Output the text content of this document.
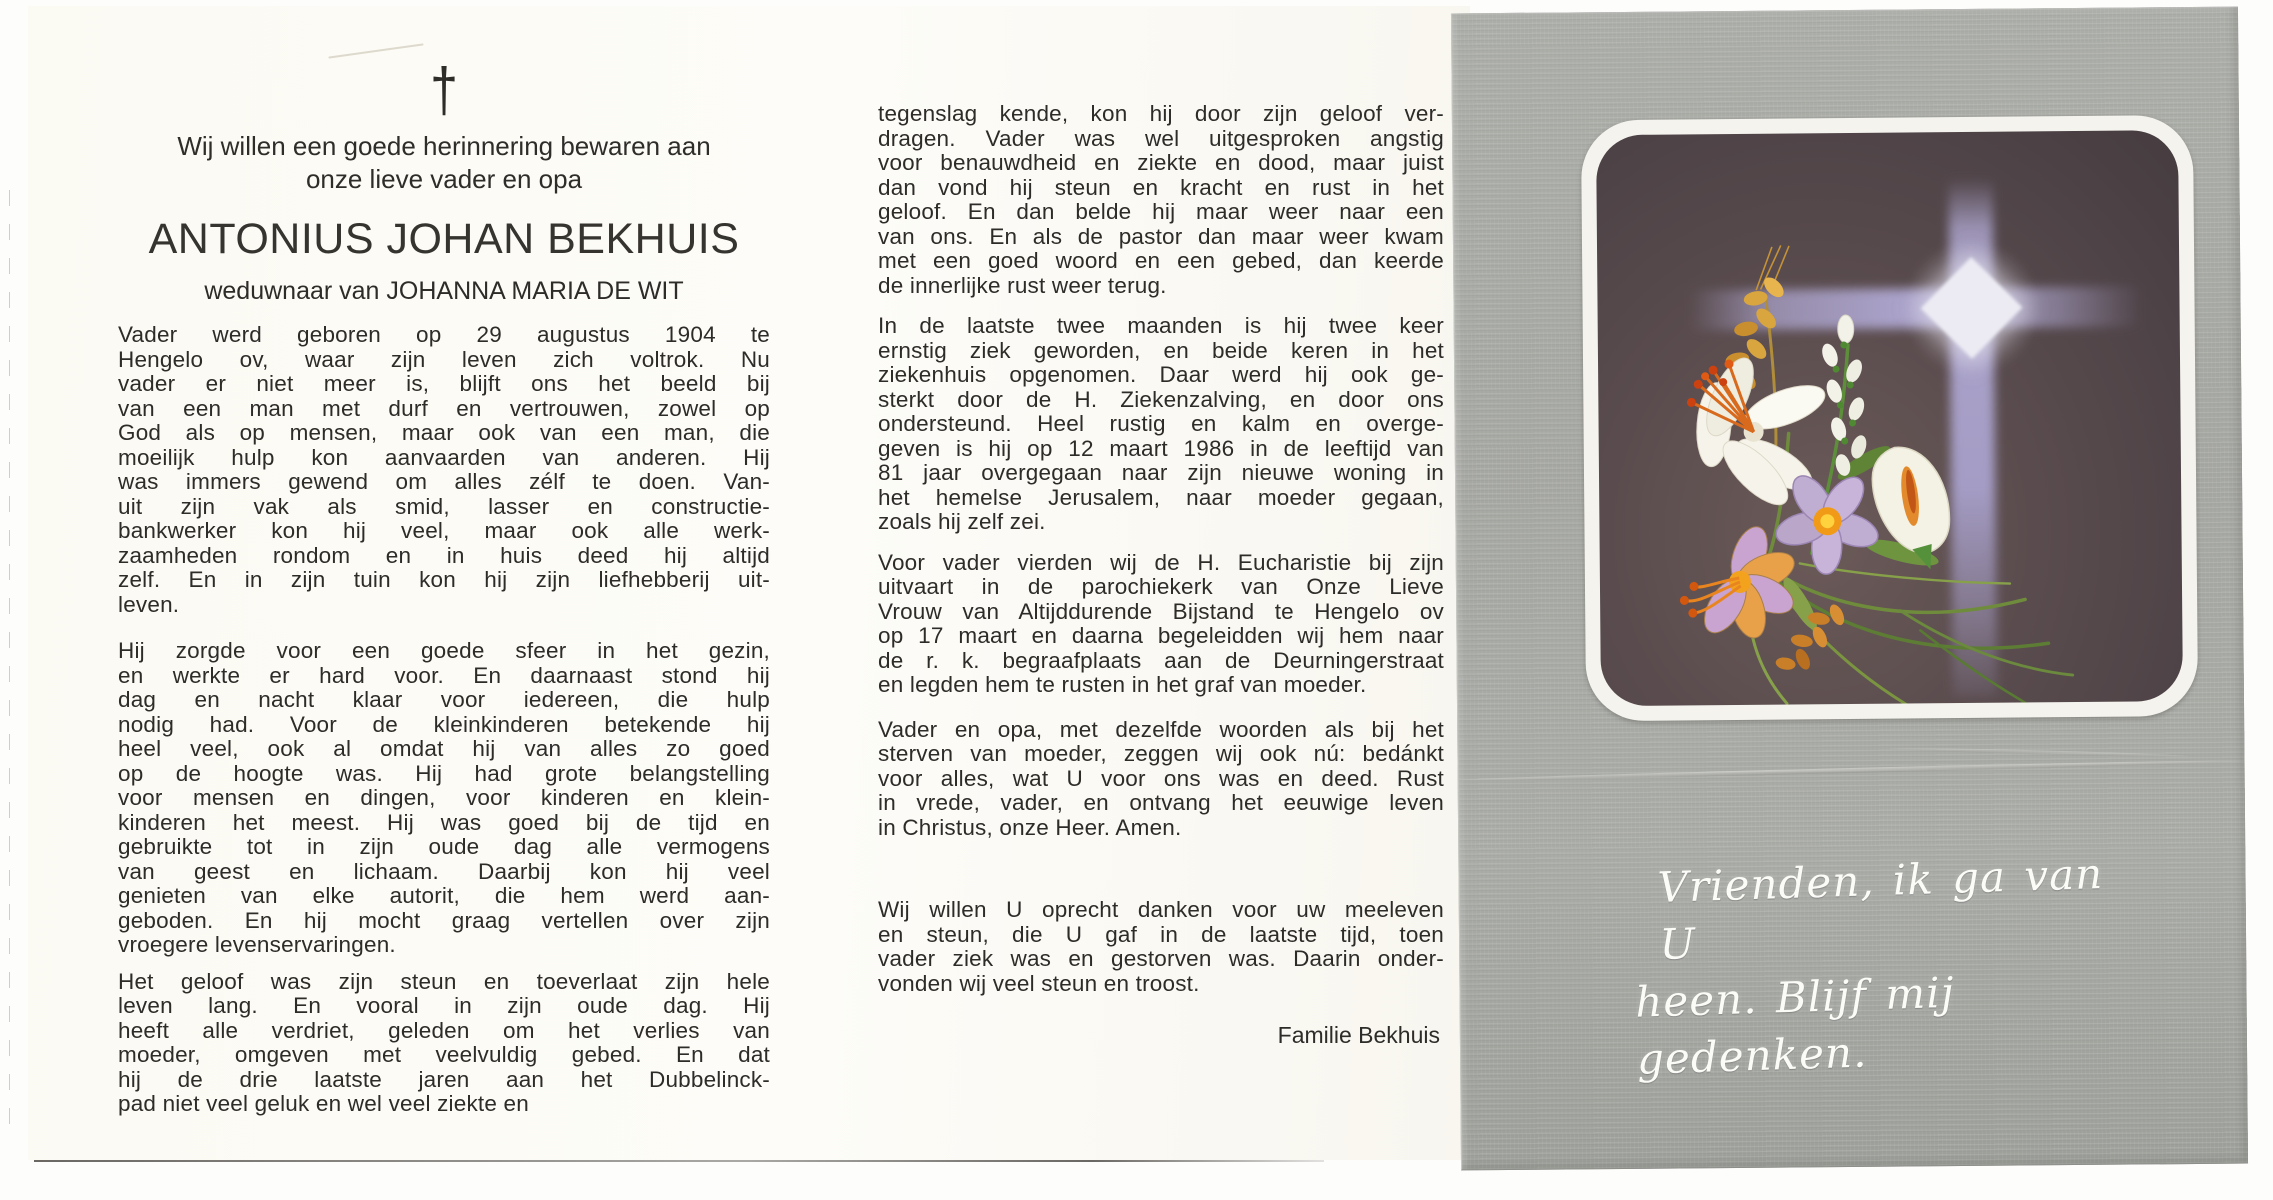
†
Wij willen een goede herinnering bewaren aan
onze lieve vader en opa
ANTONIUS JOHAN BEKHUIS
weduwnaar van JOHANNA MARIA DE WIT
Vader werd geboren op 29 augustus 1904 te
Hengelo ov, waar zijn leven zich voltrok. Nu
vader er niet meer is, blijft ons het beeld bij
van een man met durf en vertrouwen, zowel op
God als op mensen, maar ook van een man, die
moeilijk hulp kon aanvaarden van anderen. Hij
was immers gewend om alles zélf te doen. Van-
uit zijn vak als smid, lasser en constructie-
bankwerker kon hij veel, maar ook alle werk-
zaamheden rondom en in huis deed hij altijd
zelf. En in zijn tuin kon hij zijn liefhebberij uit-
leven.
Hij zorgde voor een goede sfeer in het gezin,
en werkte er hard voor. En daarnaast stond hij
dag en nacht klaar voor iedereen, die hulp
nodig had. Voor de kleinkinderen betekende hij
heel veel, ook al omdat hij van alles zo goed
op de hoogte was. Hij had grote belangstelling
voor mensen en dingen, voor kinderen en klein-
kinderen het meest. Hij was goed bij de tijd en
gebruikte tot in zijn oude dag alle vermogens
van geest en lichaam. Daarbij kon hij veel
genieten van elke autorit, die hem werd aan-
geboden. En hij mocht graag vertellen over zijn
vroegere levenservaringen.
Het geloof was zijn steun en toeverlaat zijn hele
leven lang. En vooral in zijn oude dag. Hij
heeft alle verdriet, geleden om het verlies van
moeder, omgeven met veelvuldig gebed. En dat
hij de drie laatste jaren aan het Dubbelinck-
pad niet veel geluk en wel veel ziekte en
tegenslag kende, kon hij door zijn geloof ver-
dragen. Vader was wel uitgesproken angstig
voor benauwdheid en ziekte en dood, maar juist
dan vond hij steun en kracht en rust in het
geloof. En dan belde hij maar weer naar een
van ons. En als de pastor dan maar weer kwam
met een goed woord en een gebed, dan keerde
de innerlijke rust weer terug.
In de laatste twee maanden is hij twee keer
ernstig ziek geworden, en beide keren in het
ziekenhuis opgenomen. Daar werd hij ook ge-
sterkt door de H. Ziekenzalving, en door ons
ondersteund. Heel rustig en kalm en overge-
geven is hij op 12 maart 1986 in de leeftijd van
81 jaar overgegaan naar zijn nieuwe woning in
het hemelse Jerusalem, naar moeder gegaan,
zoals hij zelf zei.
Voor vader vierden wij de H. Eucharistie bij zijn
uitvaart in de parochiekerk van Onze Lieve
Vrouw van Altijddurende Bijstand te Hengelo ov
op 17 maart en daarna begeleidden wij hem naar
de r. k. begraafplaats aan de Deurningerstraat
en legden hem te rusten in het graf van moeder.
Vader en opa, met dezelfde woorden als bij het
sterven van moeder, zeggen wij ook nú: bedánkt
voor alles, wat U voor ons was en deed. Rust
in vrede, vader, en ontvang het eeuwige leven
in Christus, onze Heer. Amen.
Wij willen U oprecht danken voor uw meeleven
en steun, die U gaf in de laatste tijd, toen
vader ziek was en gestorven was. Daarin onder-
vonden wij veel steun en troost.
Familie Bekhuis
Vrienden, ik ga van U
heen. Blijf mij gedenken.
